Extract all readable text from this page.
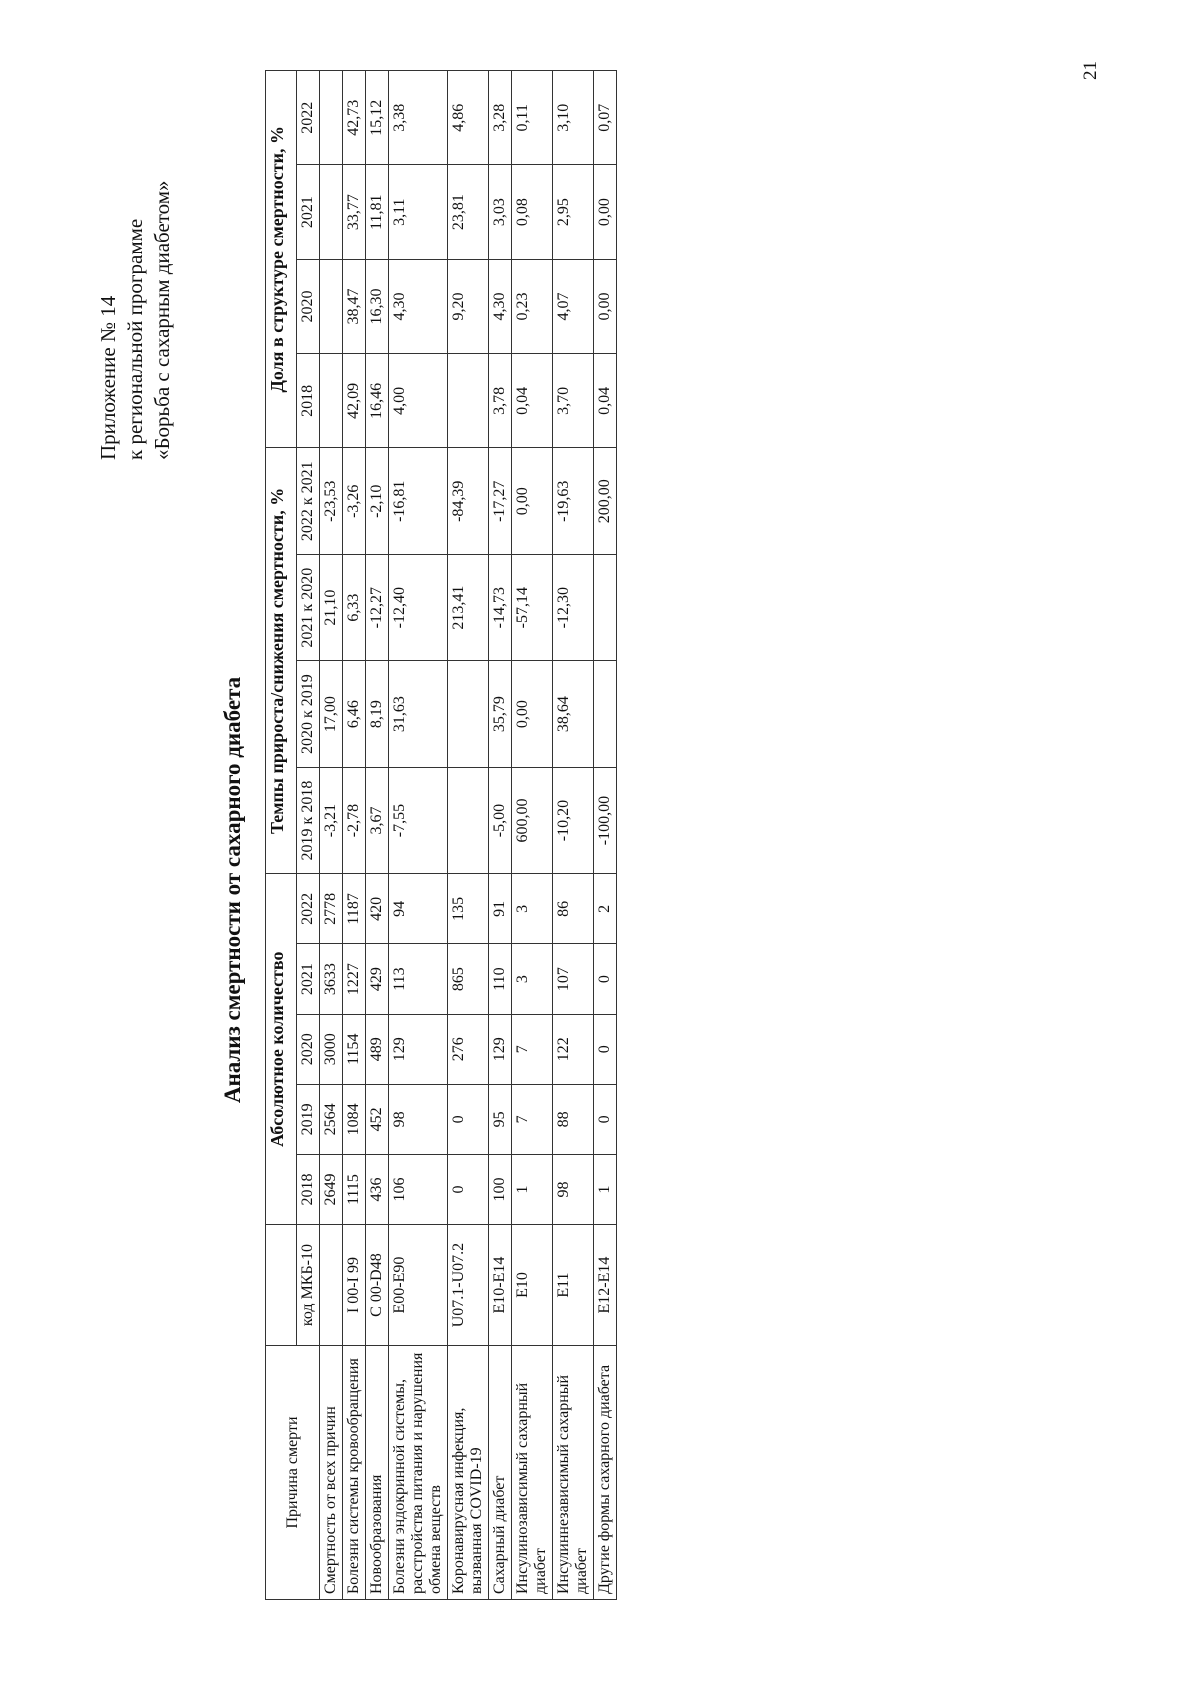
21
Приложение № 14 к региональной программе «Борьба с сахарным диабетом»
Анализ смертности от сахарного диабета
Причина смерти		Абсолютное количество					Темпы прироста/снижения смертности, %				Доля в структуре смертности, %			
	код МКБ-10	2018	2019	2020	2021	2022	2019 к 2018	2020 к 2019	2021 к 2020	2022 к 2021	2018	2020	2021	2022
Смертность от всех причин		2649	2564	3000	3633	2778	-3,21	17,00	21,10	-23,53				
Болезни системы кровообращения	I 00-I 99	1115	1084	1154	1227	1187	-2,78	6,46	6,33	-3,26	42,09	38,47	33,77	42,73
Новообразования	С 00-D48	436	452	489	429	420	3,67	8,19	-12,27	-2,10	16,46	16,30	11,81	15,12
Болезни эндокринной системы, расстройства питания и нарушения обмена веществ	E00-E90	106	98	129	113	94	-7,55	31,63	-12,40	-16,81	4,00	4,30	3,11	3,38
Коронавирусная инфекция, вызванная COVID-19	U07.1-U07.2	0	0	276	865	135			213,41	-84,39		9,20	23,81	4,86
Сахарный диабет	E10-E14	100	95	129	110	91	-5,00	35,79	-14,73	-17,27	3,78	4,30	3,03	3,28
Инсулинозависимый сахарный диабет	E10	1	7	7	3	3	600,00	0,00	-57,14	0,00	0,04	0,23	0,08	0,11
Инсулиннезависимый сахарный диабет	E11	98	88	122	107	86	-10,20	38,64	-12,30	-19,63	3,70	4,07	2,95	3,10
Другие формы сахарного диабета	E12-E14	1	0	0	0	2	-100,00			200,00	0,04	0,00	0,00	0,07
